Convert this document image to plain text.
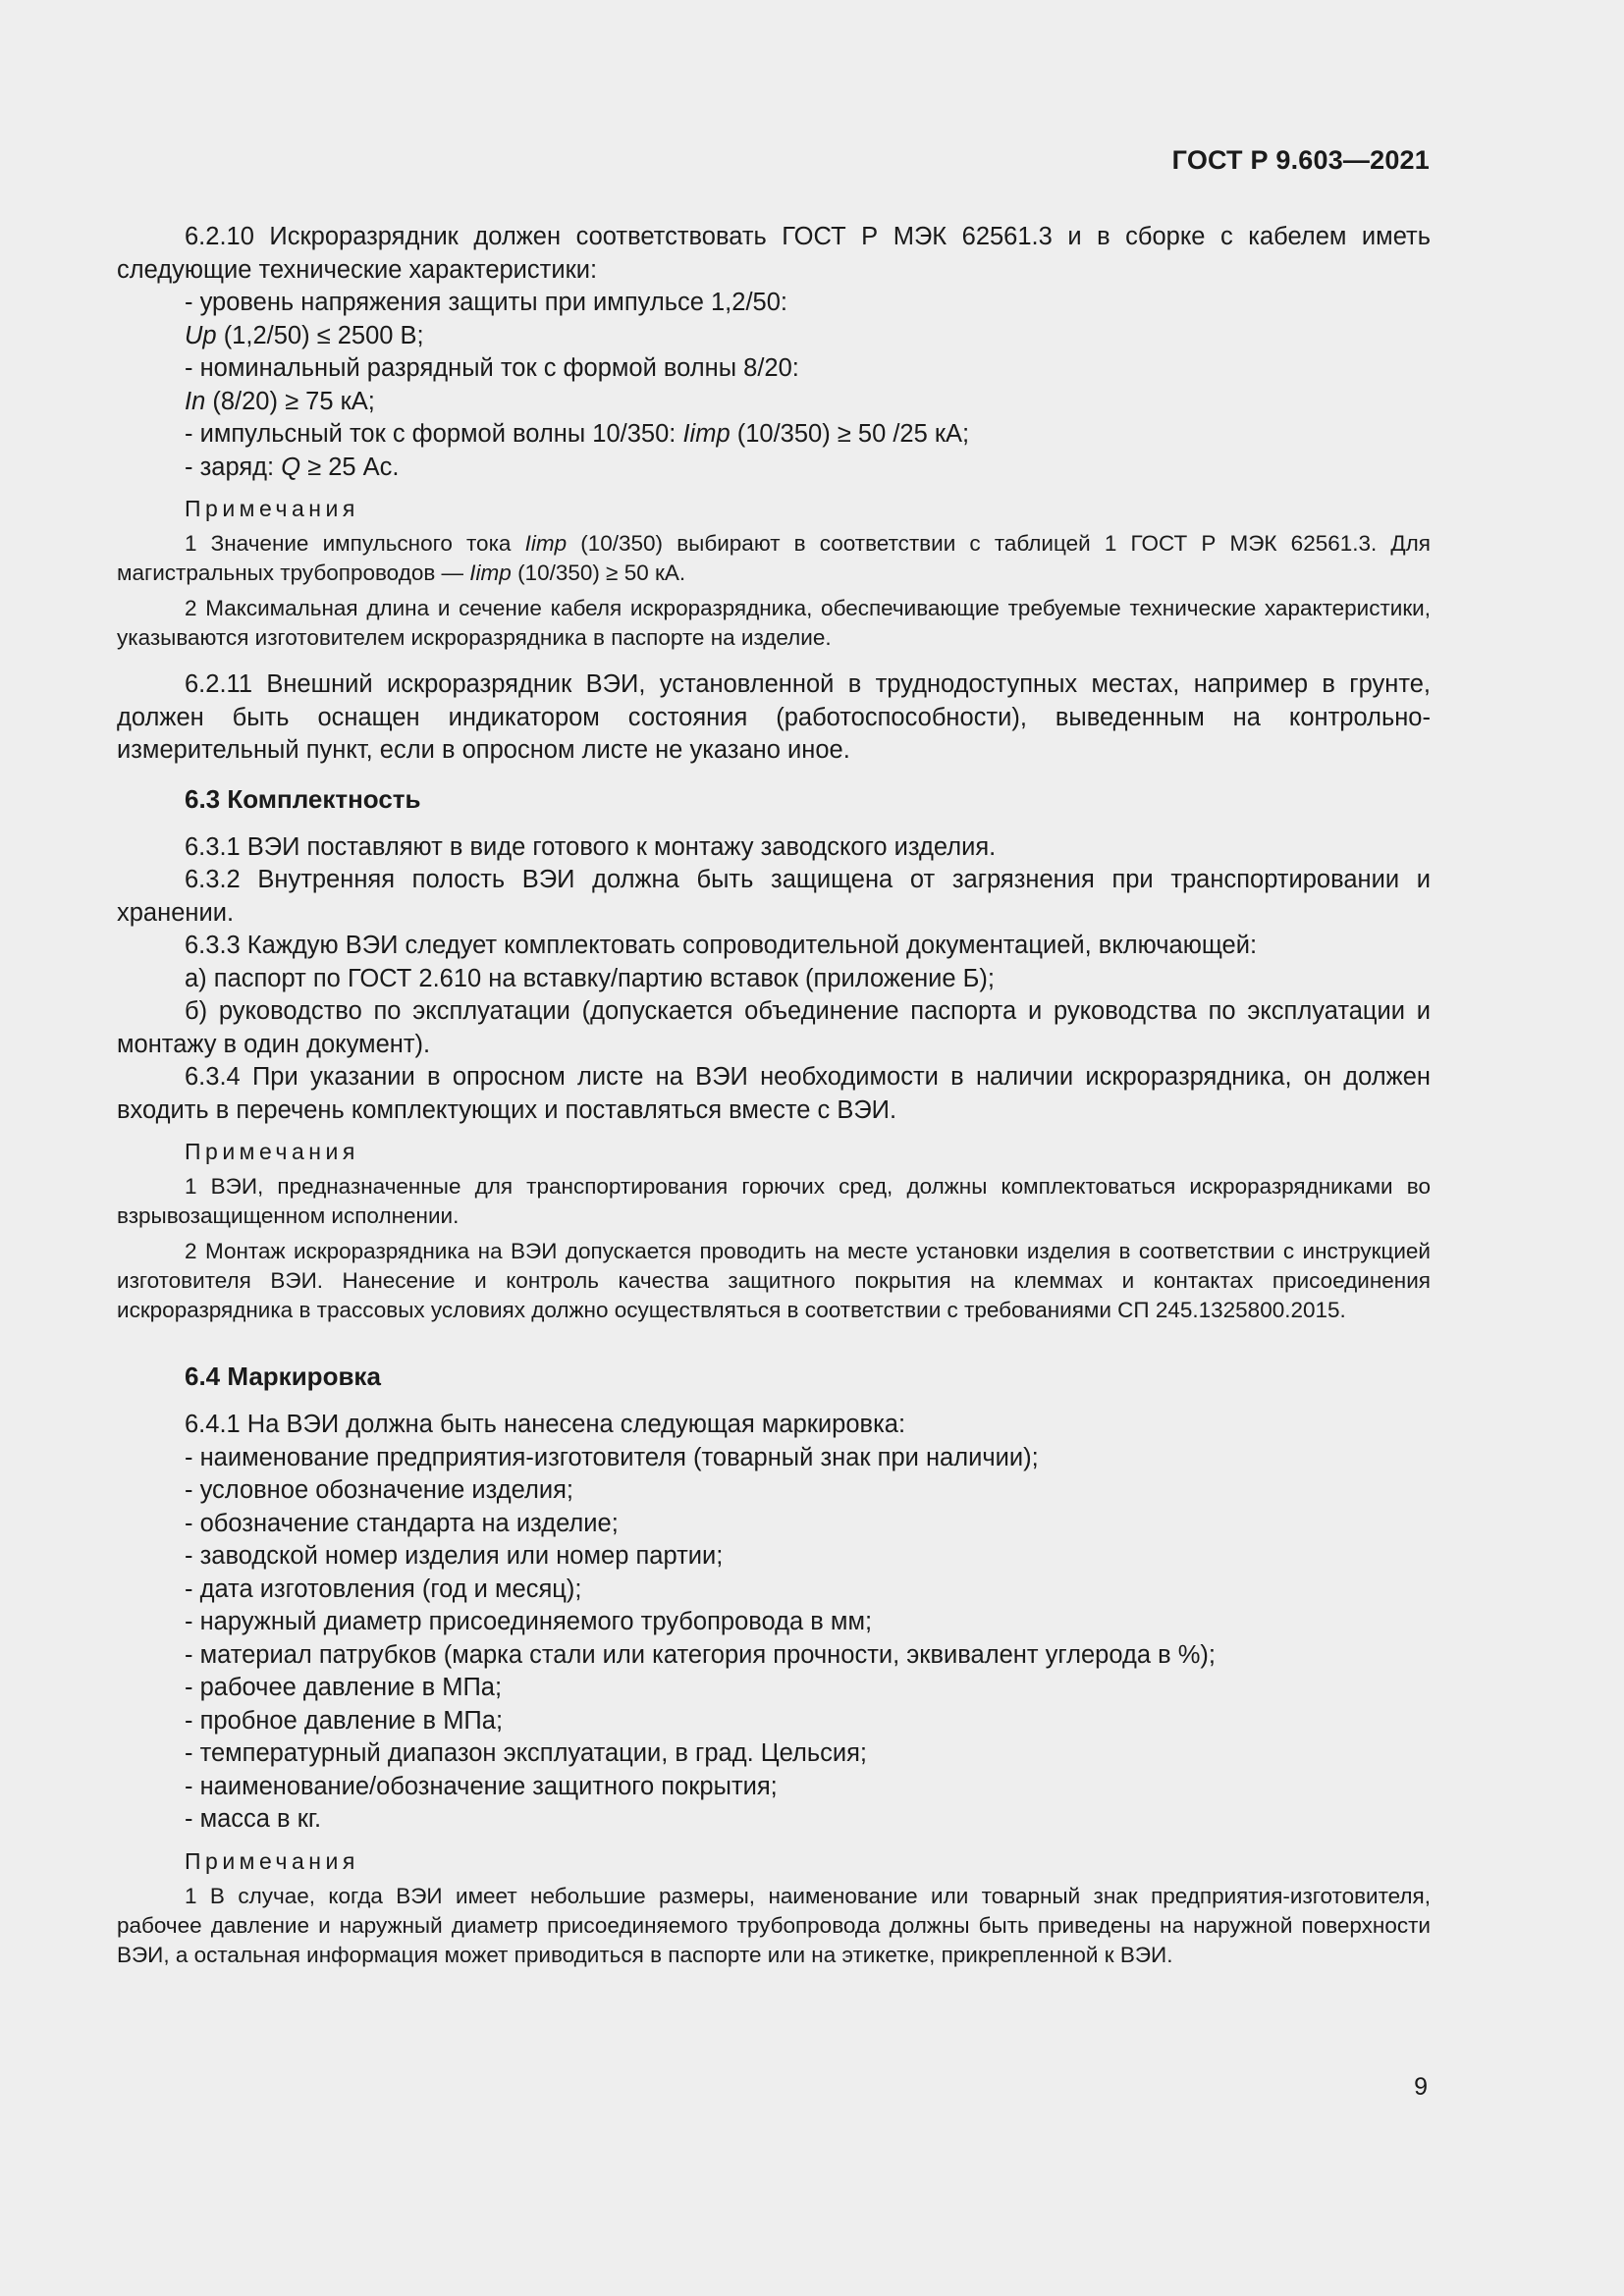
ГОСТ Р 9.603—2021

6.2.10 Искроразрядник должен соответствовать ГОСТ Р МЭК 62561.3 и в сборке с кабелем иметь следующие технические характеристики:

- уровень напряжения защиты при импульсе 1,2/50:

Up (1,2/50) ≤ 2500 В;

- номинальный разрядный ток с формой волны 8/20:

In (8/20) ≥ 75 кА;

- импульсный ток с формой волны 10/350: Iimp (10/350) ≥ 50 /25 кА;

- заряд: Q ≥ 25 Ас.

Примечания

1 Значение импульсного тока Iimp (10/350) выбирают в соответствии с таблицей 1 ГОСТ Р МЭК 62561.3. Для магистральных трубопроводов — Iimp (10/350) ≥ 50 кА.

2 Максимальная длина и сечение кабеля искроразрядника, обеспечивающие требуемые технические характеристики, указываются изготовителем искроразрядника в паспорте на изделие.

6.2.11 Внешний искроразрядник ВЭИ, установленной в труднодоступных местах, например в грунте, должен быть оснащен индикатором состояния (работоспособности), выведенным на контрольно-измерительный пункт, если в опросном листе не указано иное.

6.3 Комплектность

6.3.1 ВЭИ поставляют в виде готового к монтажу заводского изделия.

6.3.2 Внутренняя полость ВЭИ должна быть защищена от загрязнения при транспортировании и хранении.

6.3.3 Каждую ВЭИ следует комплектовать сопроводительной документацией, включающей:

а) паспорт по ГОСТ 2.610 на вставку/партию вставок (приложение Б);

б) руководство по эксплуатации (допускается объединение паспорта и руководства по эксплуатации и монтажу в один документ).

6.3.4 При указании в опросном листе на ВЭИ необходимости в наличии искроразрядника, он должен входить в перечень комплектующих и поставляться вместе с ВЭИ.

Примечания

1 ВЭИ, предназначенные для транспортирования горючих сред, должны комплектоваться искроразрядниками во взрывозащищенном исполнении.

2 Монтаж искроразрядника на ВЭИ допускается проводить на месте установки изделия в соответствии с инструкцией изготовителя ВЭИ. Нанесение и контроль качества защитного покрытия на клеммах и контактах присоединения искроразрядника в трассовых условиях должно осуществляться в соответствии с требованиями СП 245.1325800.2015.

6.4 Маркировка

6.4.1 На ВЭИ должна быть нанесена следующая маркировка:

- наименование предприятия-изготовителя (товарный знак при наличии);

- условное обозначение изделия;

- обозначение стандарта на изделие;

- заводской номер изделия или номер партии;

- дата изготовления (год и месяц);

- наружный диаметр присоединяемого трубопровода в мм;

- материал патрубков (марка стали или категория прочности, эквивалент углерода в %);

- рабочее давление в МПа;

- пробное давление в МПа;

- температурный диапазон эксплуатации, в град. Цельсия;

- наименование/обозначение защитного покрытия;

- масса в кг.

Примечания

1 В случае, когда ВЭИ имеет небольшие размеры, наименование или товарный знак предприятия-изготовителя, рабочее давление и наружный диаметр присоединяемого трубопровода должны быть приведены на наружной поверхности ВЭИ, а остальная информация может приводиться в паспорте или на этикетке, прикрепленной к ВЭИ.

9
